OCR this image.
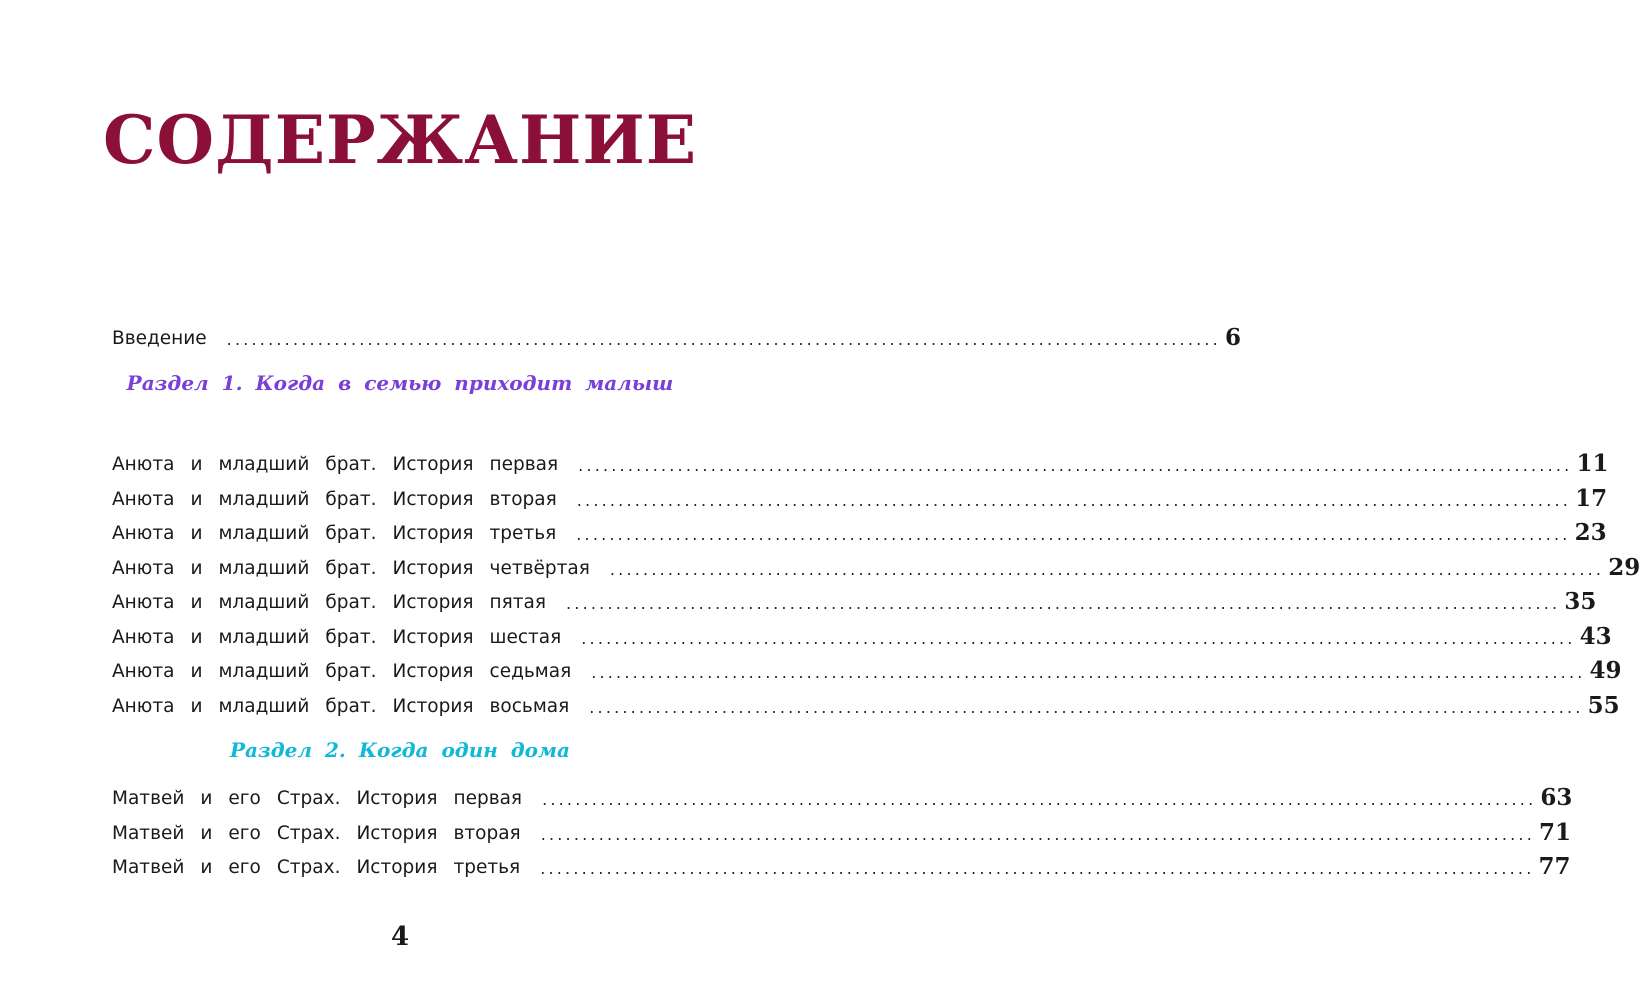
СОДЕРЖАНИЕ
Введение ........................................................................................................................ 6
Раздел 1. Когда в семью приходит малыш
Анюта и младший брат. История первая ........................................................................................................................ 11
Анюта и младший брат. История вторая ........................................................................................................................ 17
Анюта и младший брат. История третья ........................................................................................................................ 23
Анюта и младший брат. История четвёртая ........................................................................................................................ 29
Анюта и младший брат. История пятая ........................................................................................................................ 35
Анюта и младший брат. История шестая ........................................................................................................................ 43
Анюта и младший брат. История седьмая ........................................................................................................................ 49
Анюта и младший брат. История восьмая ........................................................................................................................ 55
Раздел 2. Когда один дома
Матвей и его Страх. История первая ........................................................................................................................ 63
Матвей и его Страх. История вторая ........................................................................................................................ 71
Матвей и его Страх. История третья ........................................................................................................................ 77
4
